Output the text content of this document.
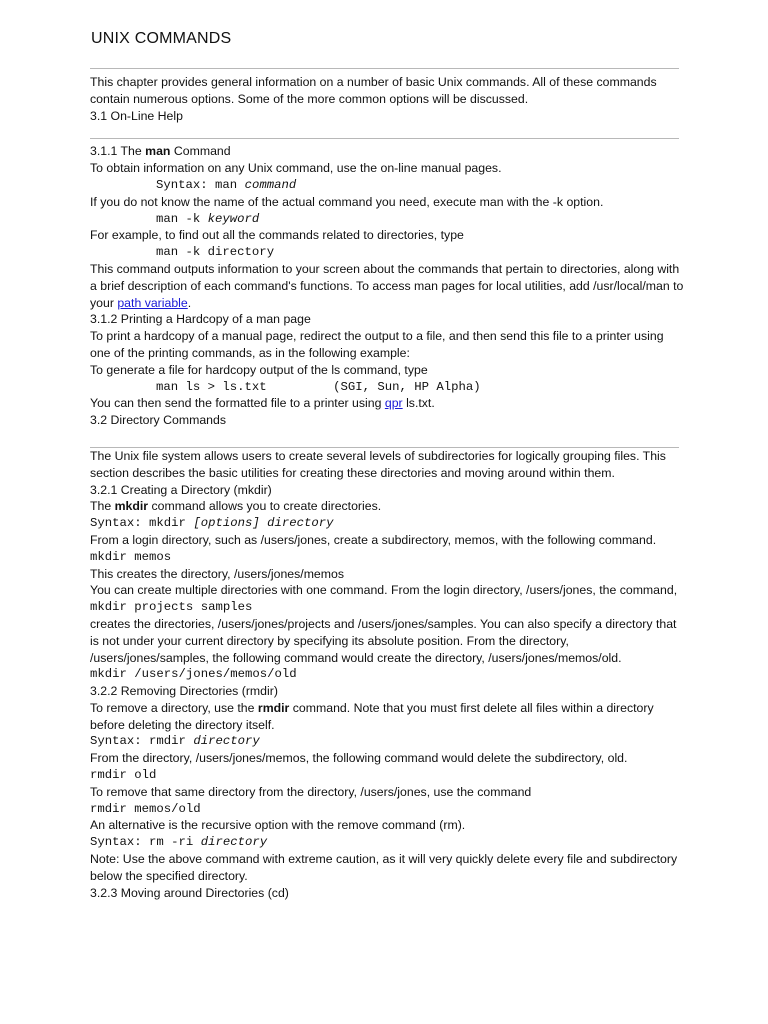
UNIX COMMANDS

This chapter provides general information on a number of basic Unix commands. All of these commands contain numerous options. Some of the more common options will be discussed.

3.1 On-Line Help

3.1.1 The man Command

To obtain information on any Unix command, use the on-line manual pages.

Syntax: man command

If you do not know the name of the actual command you need, execute man with the -k option.

man -k keyword

For example, to find out all the commands related to directories, type

man -k directory

This command outputs information to your screen about the commands that pertain to directories, along with a brief description of each command's functions. To access man pages for local utilities, add /usr/local/man to your path variable.

3.1.2 Printing a Hardcopy of a man page

To print a hardcopy of a manual page, redirect the output to a file, and then send this file to a printer using one of the printing commands, as in the following example:

To generate a file for hardcopy output of the ls command, type

man ls > ls.txt         (SGI, Sun, HP Alpha)

You can then send the formatted file to a printer using qpr ls.txt.

3.2 Directory Commands

The Unix file system allows users to create several levels of subdirectories for logically grouping files. This section describes the basic utilities for creating these directories and moving around within them.

3.2.1 Creating a Directory (mkdir)

The mkdir command allows you to create directories.

Syntax: mkdir [options] directory

From a login directory, such as /users/jones, create a subdirectory, memos, with the following command.

mkdir memos

This creates the directory, /users/jones/memos

You can create multiple directories with one command. From the login directory, /users/jones, the command,

mkdir projects samples

creates the directories, /users/jones/projects and /users/jones/samples. You can also specify a directory that is not under your current directory by specifying its absolute position. From the directory, /users/jones/samples, the following command would create the directory, /users/jones/memos/old.

mkdir /users/jones/memos/old

3.2.2 Removing Directories (rmdir)

To remove a directory, use the rmdir command. Note that you must first delete all files within a directory before deleting the directory itself.

Syntax: rmdir directory

From the directory, /users/jones/memos, the following command would delete the subdirectory, old.

rmdir old

To remove that same directory from the directory, /users/jones, use the command

rmdir memos/old

An alternative is the recursive option with the remove command (rm).

Syntax: rm -ri directory

Note: Use the above command with extreme caution, as it will very quickly delete every file and subdirectory below the specified directory.

3.2.3 Moving around Directories (cd)
